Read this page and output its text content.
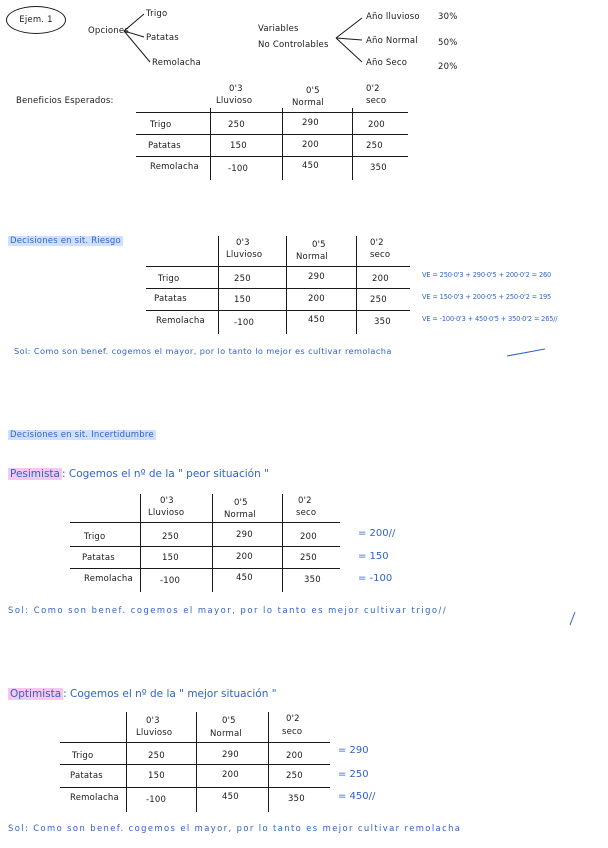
Ejem. 1
Opciones
Trigo
Patatas
Remolacha
Variables
No Controlables
Año lluvioso 30%
Año Normal 50%
Año Seco	20%
Beneficios Esperados:
0'3
Lluvioso
0'5
Normal
0'2
seco
Trigo	250	290	200
Patatas	150	200	250
Remolacha	-100	450	350
Decisiones en sit. Riesgo	0'3
Lluvioso
0'5
Normal
0'2
seco
Trigo	250	290	200
Patatas	150	200	250
Remolacha	-100	450	350
VE = 250·0'3 + 290·0'5 + 200·0'2 = 260
VE = 150·0'3 + 200·0'5 + 250·0'2 = 195
VE = -100·0'3 + 450·0'5 + 350·0'2 = 265//
Sol: Como son benef. cogemos el mayor, por lo tanto lo mejor es cultivar remolacha
Decisiones en sit. Incertidumbre
Pesimista : Cogemos el nº de la " peor situación "
0'3
Lluvioso
0'5
Normal
0'2
seco
Trigo	250	290	200
Patatas	150	200	250
Remolacha	-100	450	350
= 200//
= 150
= -100
Sol: Como son benef. cogemos el mayor, por lo tanto es mejor cultivar trigo//
Optimista : Cogemos el nº de la " mejor situación "
0'3
Lluvioso
0'5
Normal
0'2
seco
Trigo	250	290	200
Patatas	150	200	250
Remolacha	-100	450	350
= 290
= 250
= 450//
Sol: Como son benef. cogemos el mayor, por lo tanto es mejor cultivar remolacha
